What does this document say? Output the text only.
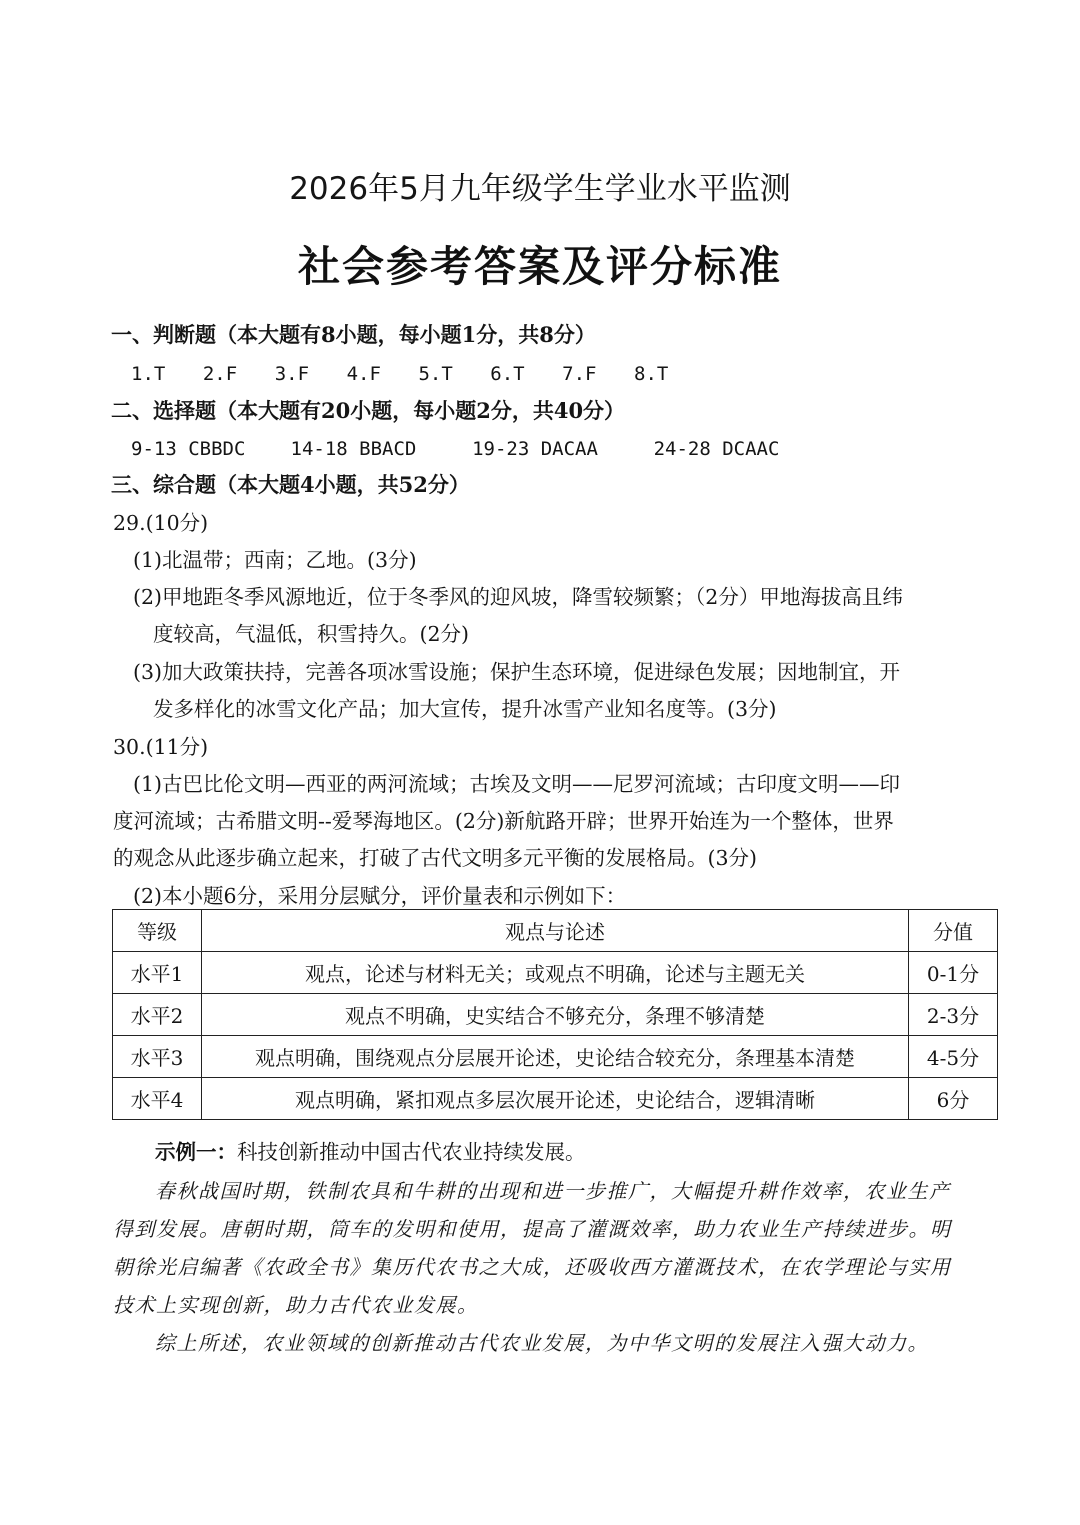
2026年5月九年级学生学业水平监测
社会参考答案及评分标准
一、判断题（本大题有8小题，每小题1分，共8分）
1.T 2.F 3.F 4.F 5.T 6.T 7.F 8.T
二、选择题（本大题有20小题，每小题2分，共40分）
9-13 CBBDC 14-18 BBACD	19-23 DACAA	24-28 DCAAC
三、综合题（本大题4小题，共52分）
29.(10分)
(1)北温带；西南；乙地。(3分)
(2)甲地距冬季风源地近，位于冬季风的迎风坡，降雪较频繁；（2分）甲地海拔高且纬
度较高，气温低，积雪持久。(2分)
(3)加大政策扶持，完善各项冰雪设施；保护生态环境，促进绿色发展；因地制宜，开
发多样化的冰雪文化产品；加大宣传，提升冰雪产业知名度等。(3分)
30.(11分)
(1)古巴比伦文明—西亚的两河流域；古埃及文明——尼罗河流域；古印度文明——印
度河流域；古希腊文明--爱琴海地区。(2分)新航路开辟；世界开始连为一个整体，世界
的观念从此逐步确立起来，打破了古代文明多元平衡的发展格局。(3分)
(2)本小题6分，采用分层赋分，评价量表和示例如下：
等级	观点与论述	分值
水平1	观点，论述与材料无关；或观点不明确，论述与主题无关	0-1分
水平2	观点不明确，史实结合不够充分，条理不够清楚	2-3分
水平3	观点明确，围绕观点分层展开论述，史论结合较充分，条理基本清楚	4-5分
水平4	观点明确，紧扣观点多层次展开论述，史论结合，逻辑清晰	6分
示例一：科技创新推动中国古代农业持续发展。
春秋战国时期，铁制农具和牛耕的出现和进一步推广，大幅提升耕作效率，农业生产
得到发展。唐朝时期，筒车的发明和使用，提高了灌溉效率，助力农业生产持续进步。明
朝徐光启编著《农政全书》集历代农书之大成，还吸收西方灌溉技术，在农学理论与实用
技术上实现创新，助力古代农业发展。
综上所述，农业领域的创新推动古代农业发展，为中华文明的发展注入强大动力。
